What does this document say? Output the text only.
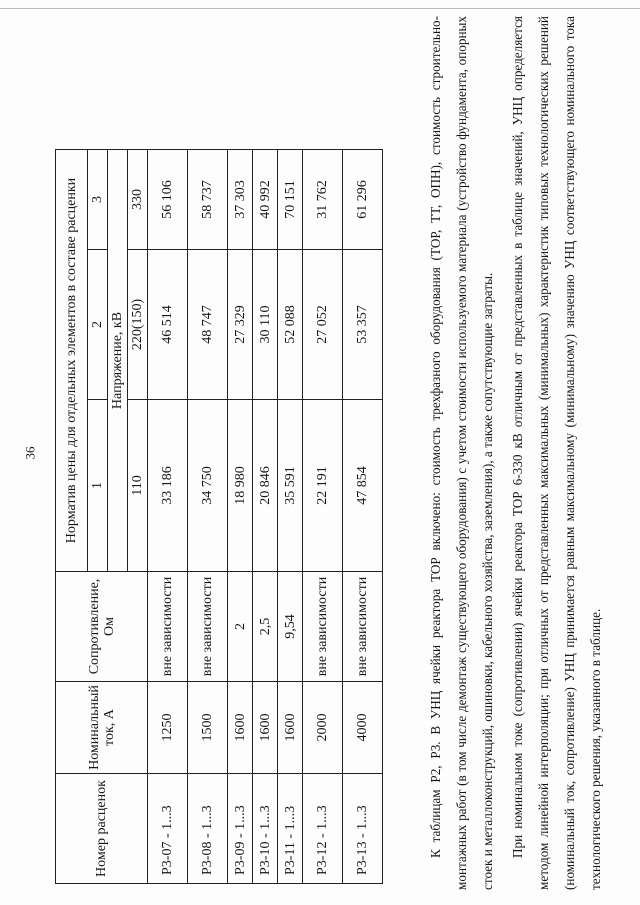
36
Номер расценок	Номинальный ток, А	Сопротивление, Ом	Норматив цены для отдельных элементов в составе расценки		
			1	2	3
			Напряжение, кВ		
			110	220(150)	330
Р3-07 - 1...3	1250	вне зависимости	33 186	46 514	56 106
Р3-08 - 1...3	1500	вне зависимости	34 750	48 747	58 737
Р3-09 - 1...3	1600	2	18 980	27 329	37 303
Р3-10 - 1...3	1600	2,5	20 846	30 110	40 992
Р3-11 - 1...3	1600	9,54	35 591	52 088	70 151
Р3-12 - 1...3	2000	вне зависимости	22 191	27 052	31 762
Р3-13 - 1...3	4000	вне зависимости	47 854	53 357	61 296	К таблицам Р2, Р3. В УНЦ ячейки реактора ТОР включено: стоимость трехфазного оборудования (ТОР, ТТ, ОПН), стоимость строительно-монтажных работ (в том числе демонтаж существующего оборудования) с учетом стоимости используемого материала (устройство фундамента, опорных стоек и металлоконструкций, ошиновки, кабельного хозяйства, заземления), а также сопутствующие затраты.	При номинальном токе (сопротивлении) ячейки реактора ТОР 6-330 кВ отличным от представленных в таблице значений, УНЦ определяется методом линейной интерполяции; при отличных от представленных максимальных (минимальных) характеристик типовых технологических решений (номинальный ток, сопротивление) УНЦ принимается равным максимальному (минимальному) значению УНЦ соответствующего номинального тока технологического решения, указанного в таблице.
